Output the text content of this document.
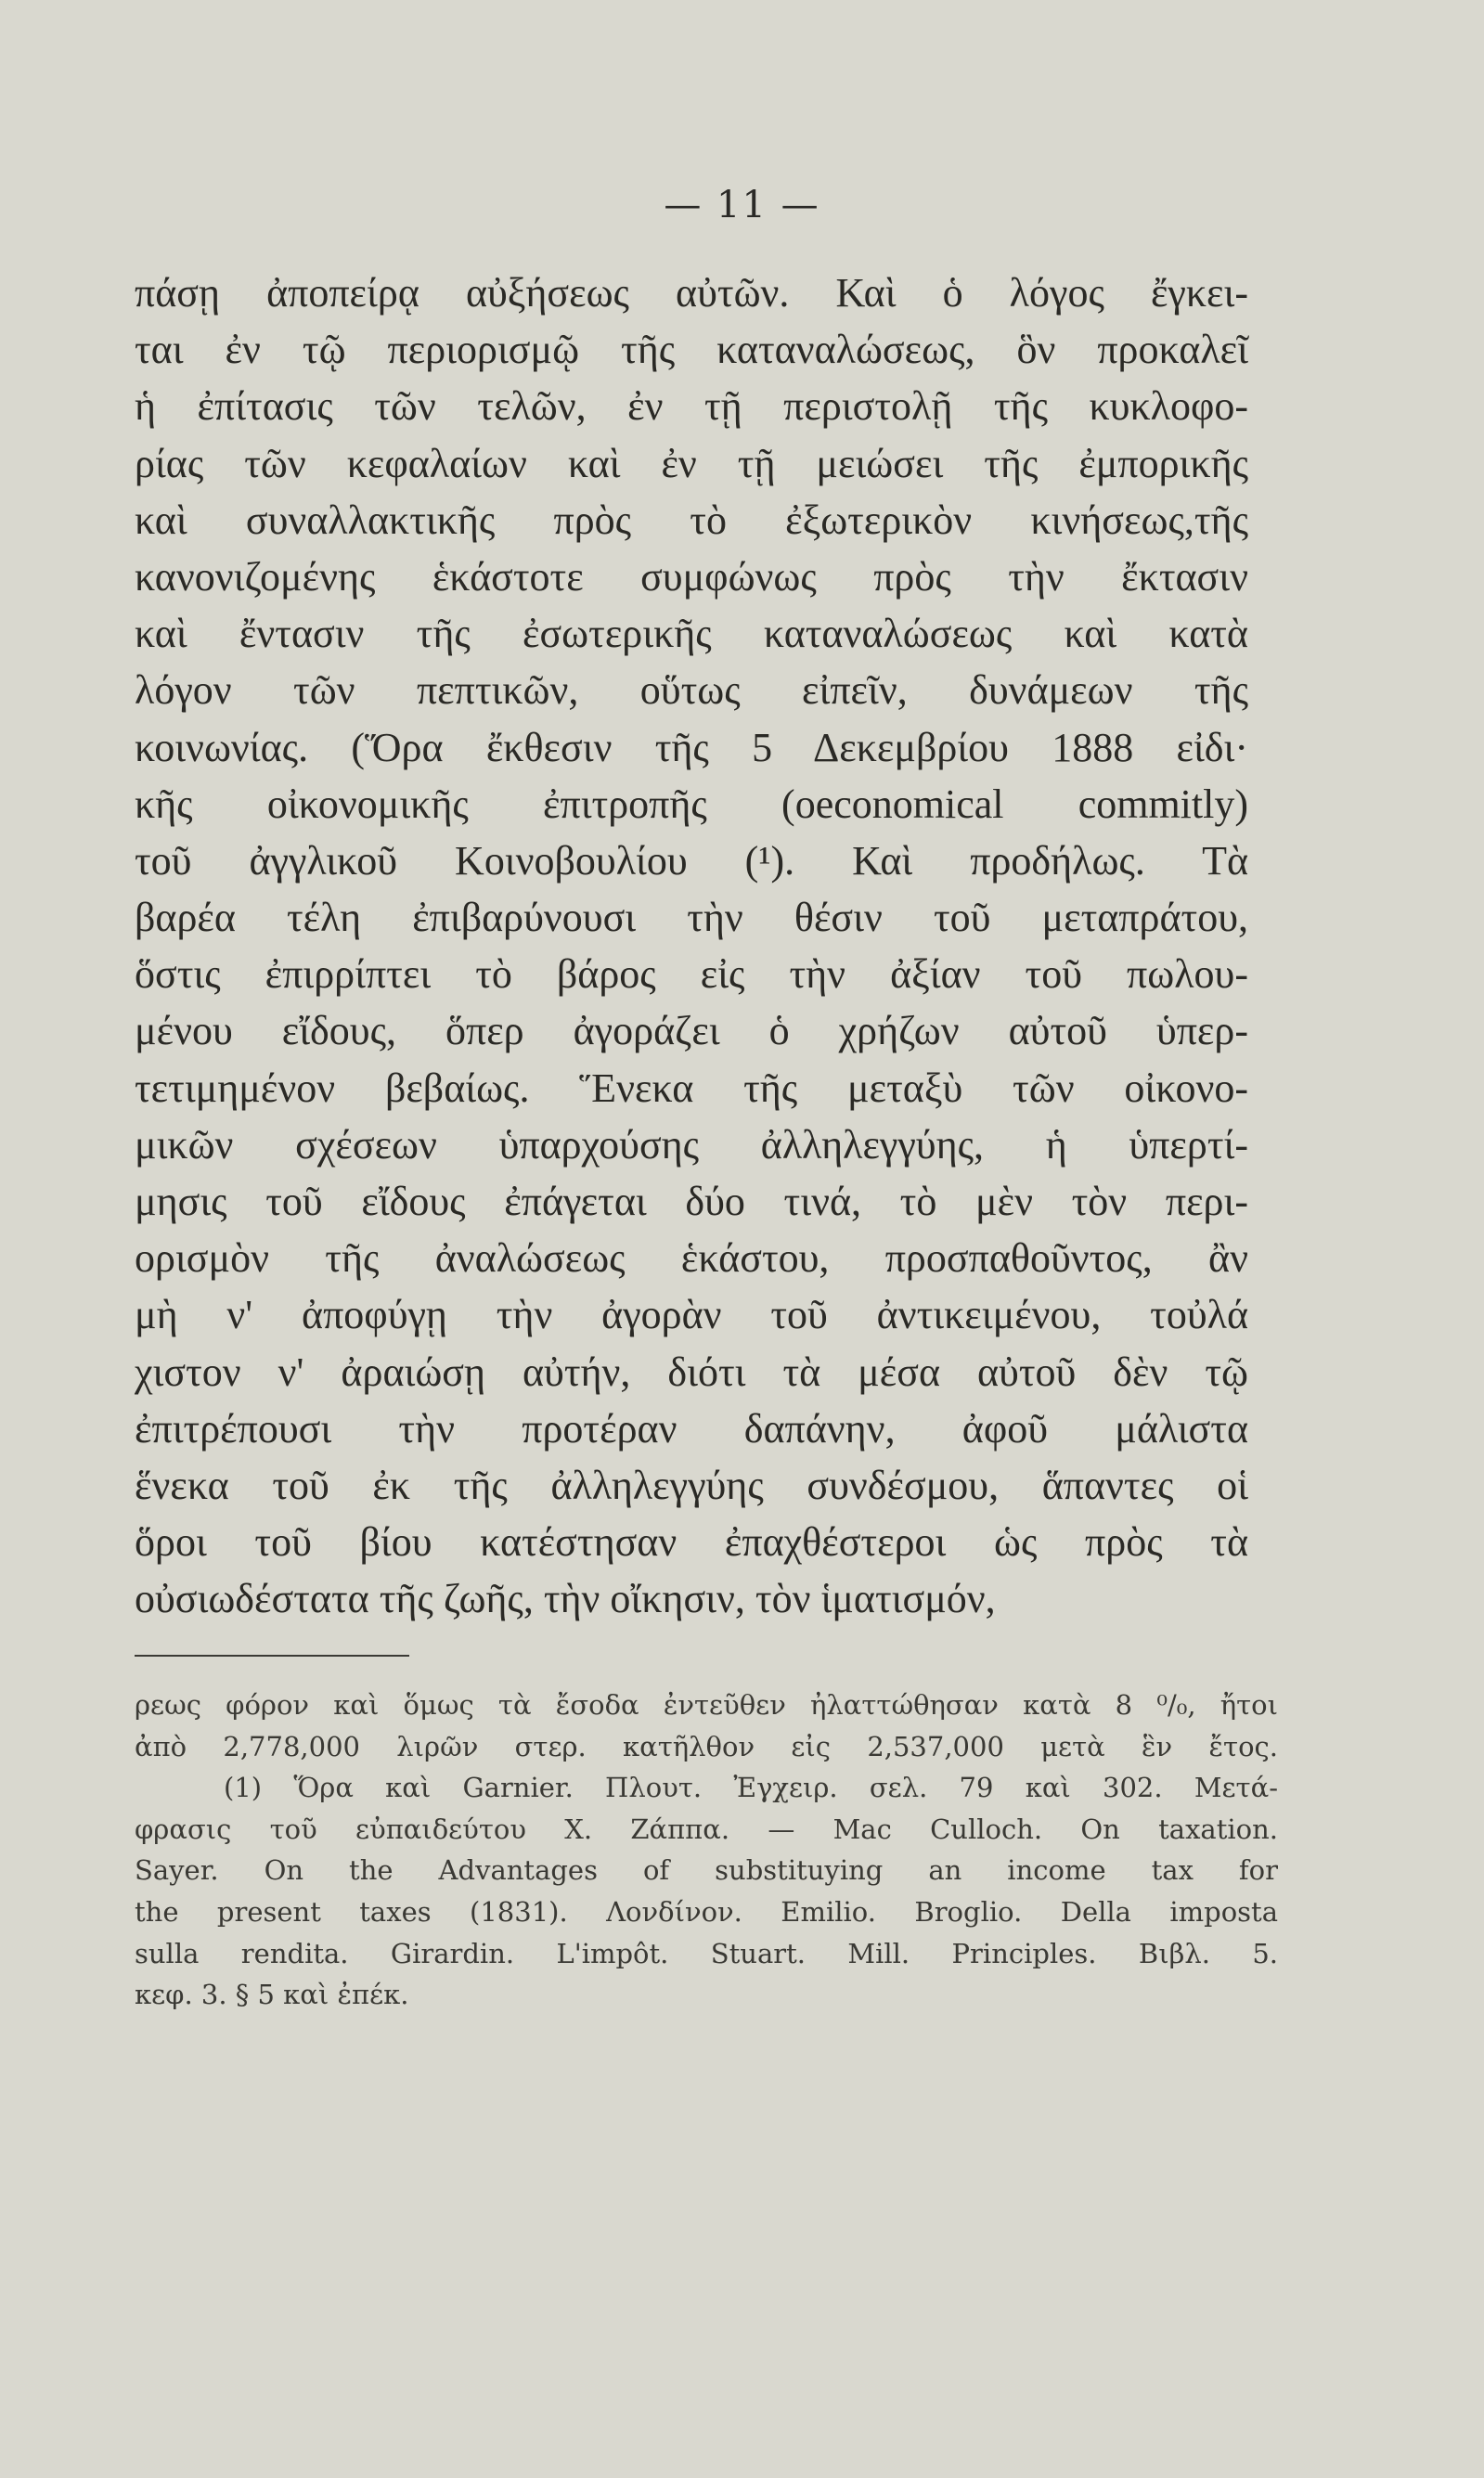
— 11 —
πάσῃ ἀποπείρᾳ αὐξήσεως αὐτῶν. Καὶ ὁ λόγος ἔγκει-
ται ἐν τῷ περιορισμῷ τῆς καταναλώσεως, ὃν προκαλεῖ
ἡ ἐπίτασις τῶν τελῶν, ἐν τῇ περιστολῇ τῆς κυκλοφο-
ρίας τῶν κεφαλαίων καὶ ἐν τῇ μειώσει τῆς ἐμπορικῆς
καὶ συναλλακτικῆς πρὸς τὸ ἐξωτερικὸν κινήσεως,τῆς
κανονιζομένης ἑκάστοτε συμφώνως πρὸς τὴν ἔκτασιν
καὶ ἔντασιν τῆς ἐσωτερικῆς καταναλώσεως καὶ κατὰ
λόγον τῶν πεπτικῶν, οὕτως εἰπεῖν, δυνάμεων τῆς
κοινωνίας. (Ὅρα ἔκθεσιν τῆς 5 Δεκεμβρίου 1888 εἰδι·
κῆς οἰκονομικῆς ἐπιτροπῆς (oeconomical commitly)
τοῦ ἀγγλικοῦ Κοινοβουλίου (¹). Καὶ προδήλως. Τὰ
βαρέα τέλη ἐπιβαρύνουσι τὴν θέσιν τοῦ μεταπράτου,
ὅστις ἐπιρρίπτει τὸ βάρος εἰς τὴν ἀξίαν τοῦ πωλου-
μένου εἴδους, ὅπερ ἀγοράζει ὁ χρήζων αὐτοῦ ὑπερ-
τετιμημένον βεβαίως. Ἕνεκα τῆς μεταξὺ τῶν οἰκονο-
μικῶν σχέσεων ὑπαρχούσης ἀλληλεγγύης, ἡ ὑπερτί-
μησις τοῦ εἴδους ἐπάγεται δύο τινά, τὸ μὲν τὸν περι-
ορισμὸν τῆς ἀναλώσεως ἑκάστου, προσπαθοῦντος, ἂν
μὴ ν' ἀποφύγῃ τὴν ἀγορὰν τοῦ ἀντικειμένου, τοὐλά
χιστον ν' ἀραιώσῃ αὐτήν, διότι τὰ μέσα αὐτοῦ δὲν τῷ
ἐπιτρέπουσι τὴν προτέραν δαπάνην, ἀφοῦ μάλιστα
ἕνεκα τοῦ ἐκ τῆς ἀλληλεγγύης συνδέσμου, ἅπαντες οἱ
ὅροι τοῦ βίου κατέστησαν ἐπαχθέστεροι ὡς πρὸς τὰ
οὐσιωδέστατα τῆς ζωῆς, τὴν οἴκησιν, τὸν ἱματισμόν,
ρεως φόρον καὶ ὅμως τὰ ἔσοδα ἐντεῦθεν ἠλαττώθησαν κατὰ 8 ⁰/₀, ἤτοι
ἀπὸ 2,778,000 λιρῶν στερ. κατῆλθον εἰς 2,537,000 μετὰ ἓν ἔτος.
(1) Ὅρα καὶ Garnier. Πλουτ. Ἐγχειρ. σελ. 79 καὶ 302. Μετά-
φρασις τοῦ εὐπαιδεύτου Χ. Ζάππα. — Mac Culloch. On taxation.
Sayer. On the Advantages of substituying an income tax for
the present taxes (1831). Λονδίνον. Emilio. Broglio. Della imposta
sulla rendita. Girardin. L'impôt. Stuart. Mill. Principles. Βιβλ. 5.
κεφ. 3. § 5 καὶ ἐπέκ.
